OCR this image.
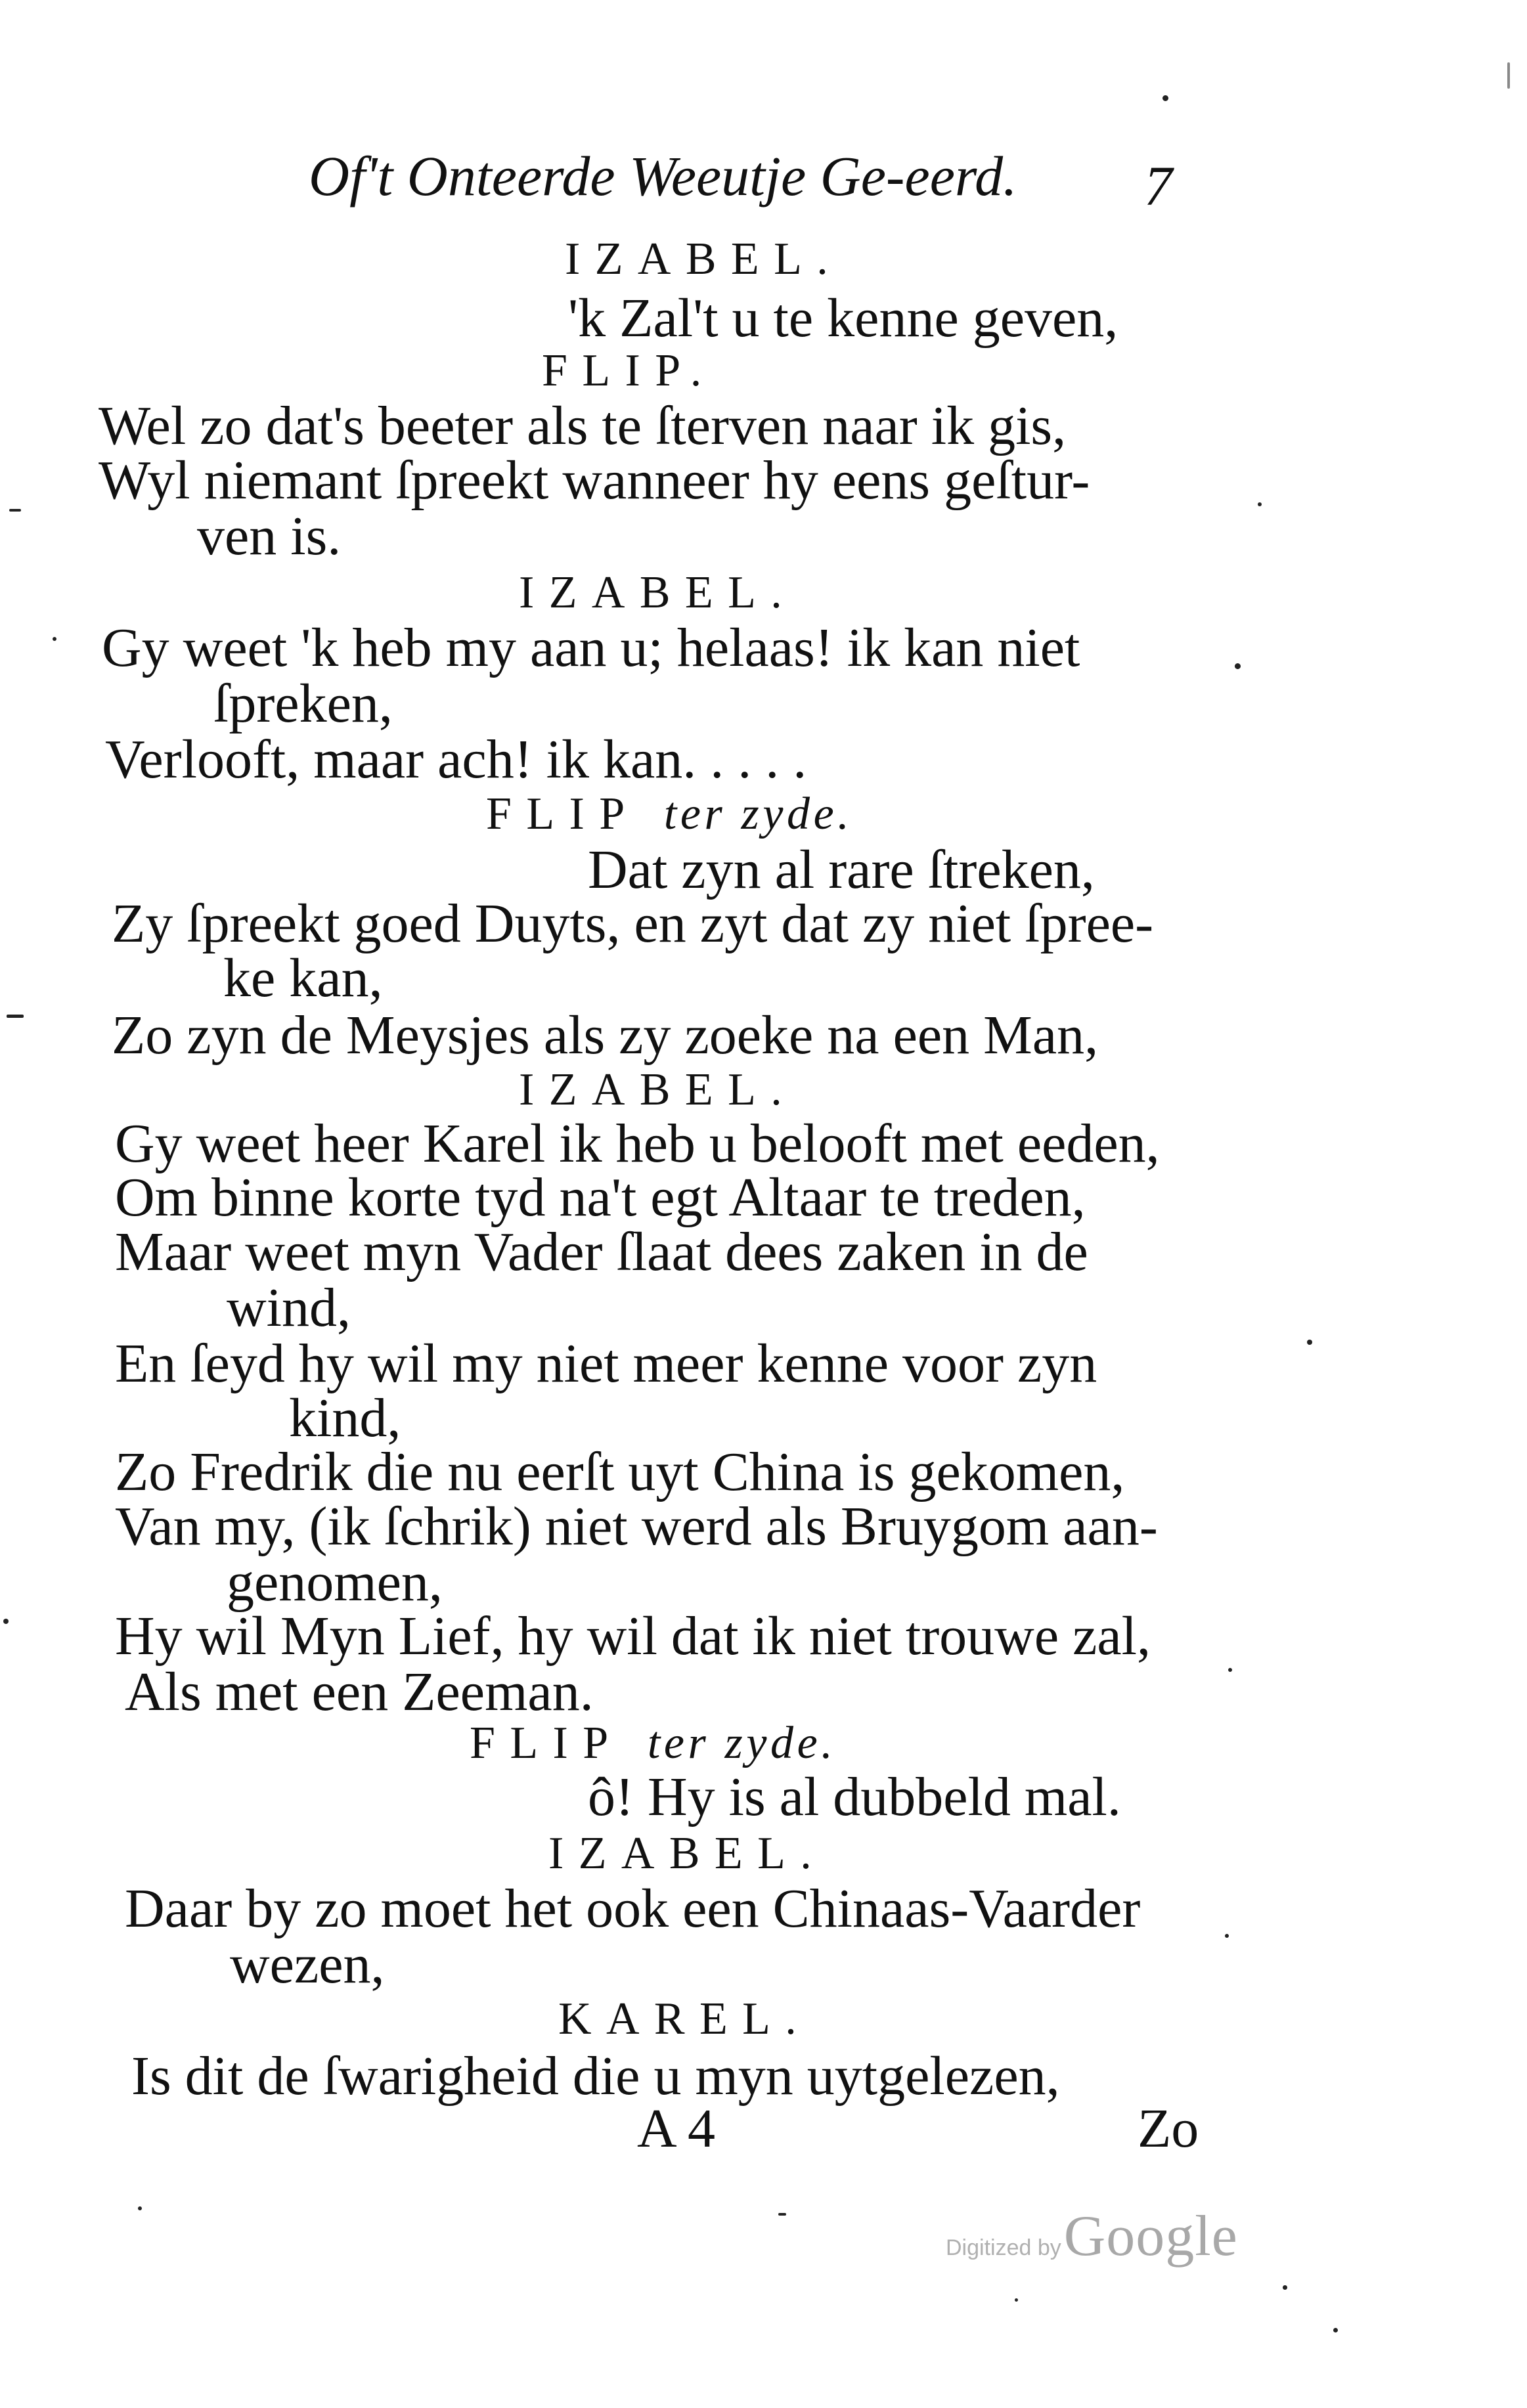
Of't Onteerde Weeutje Ge-eerd. 7
IZABEL.
'k Zal't u te kenne geven,
FLIP.
Wel zo dat's beeter als te ſterven naar ik gis,
Wyl niemant ſpreekt wanneer hy eens geſtur-
ven is.
IZABEL.
Gy weet 'k heb my aan u; helaas! ik kan niet
ſpreken,
Verlooft, maar ach! ik kan. . . . .
FLIP ter zyde.
Dat zyn al rare ſtreken,
Zy ſpreekt goed Duyts, en zyt dat zy niet ſpree-
ke kan,
Zo zyn de Meysjes als zy zoeke na een Man,
IZABEL.
Gy weet heer Karel ik heb u belooft met eeden,
Om binne korte tyd na't egt Altaar te treden,
Maar weet myn Vader ſlaat dees zaken in de
wind,
En ſeyd hy wil my niet meer kenne voor zyn
kind,
Zo Fredrik die nu eerſt uyt China is gekomen,
Van my, (ik ſchrik) niet werd als Bruygom aan-
genomen,
Hy wil Myn Lief, hy wil dat ik niet trouwe zal,
Als met een Zeeman.
FLIP ter zyde.
ô! Hy is al dubbeld mal.
IZABEL.
Daar by zo moet het ook een Chinaas-Vaarder
wezen,
KAREL.
Is dit de ſwarigheid die u myn uytgelezen,
A 4	Zo
Digitized by Google
